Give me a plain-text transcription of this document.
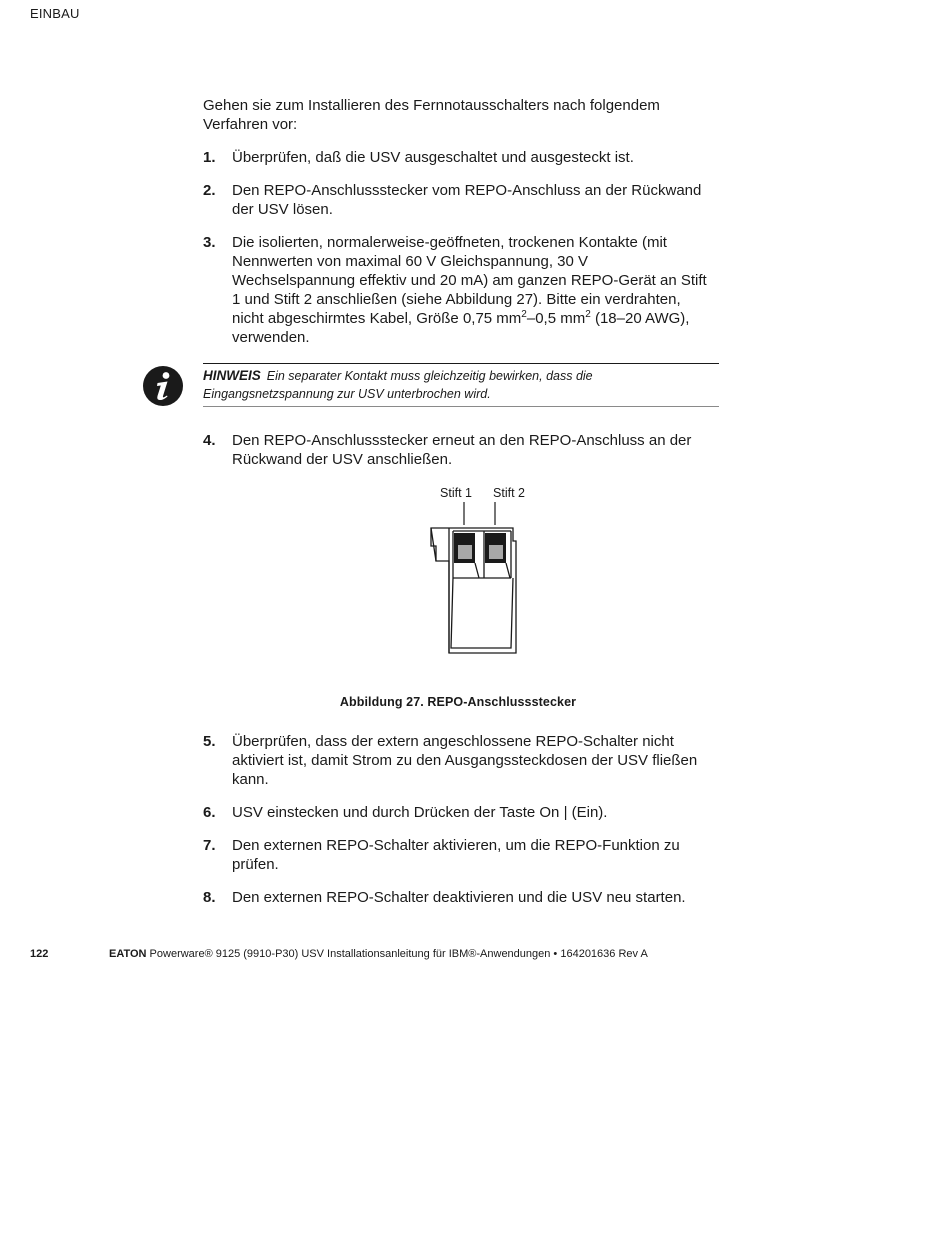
EINBAU

Gehen sie zum Installieren des Fernnotausschalters nach folgendem Verfahren vor:

1.	Überprüfen, daß die USV ausgeschaltet und ausgesteckt ist.
2.	Den REPO-Anschlussstecker vom REPO-Anschluss an der Rückwand der USV lösen.
3.	Die isolierten, normalerweise-geöffneten, trockenen Kontakte (mit Nennwerten von maximal 60 V Gleichspannung, 30 V Wechselspannung effektiv und 20 mA) am ganzen REPO-Gerät an Stift 1 und Stift 2 anschließen (siehe Abbildung 27). Bitte ein verdrahten, nicht abgeschirmtes Kabel, Größe 0,75 $mm^2-0,5$ $mm^2$ (18–20 AWG), verwenden.
HINWEIS Ein separater Kontakt muss gleichzeitig bewirken, dass die Eingangsnetzspannung zur USV unterbrochen wird.
4.	Den REPO-Anschlussstecker erneut an den REPO-Anschluss an der Rückwand der USV anschließen.
Stift 1 Stift 2
Abbildung 27. REPO-Anschlussstecker
5.	Überprüfen, dass der extern angeschlossene REPO-Schalter nicht aktiviert ist, damit Strom zu den Ausgangssteckdosen der USV fließen kann.
6.	USV einstecken und durch Drücken der Taste On | (Ein).
7.	Den externen REPO-Schalter aktivieren, um die REPO-Funktion zu prüfen.
8.	Den externen REPO-Schalter deaktivieren und die USV neu starten.
122	EATON Powerware® 9125 (9910-P30) USV Installationsanleitung für IBM®-Anwendungen • 164201636 Rev A
